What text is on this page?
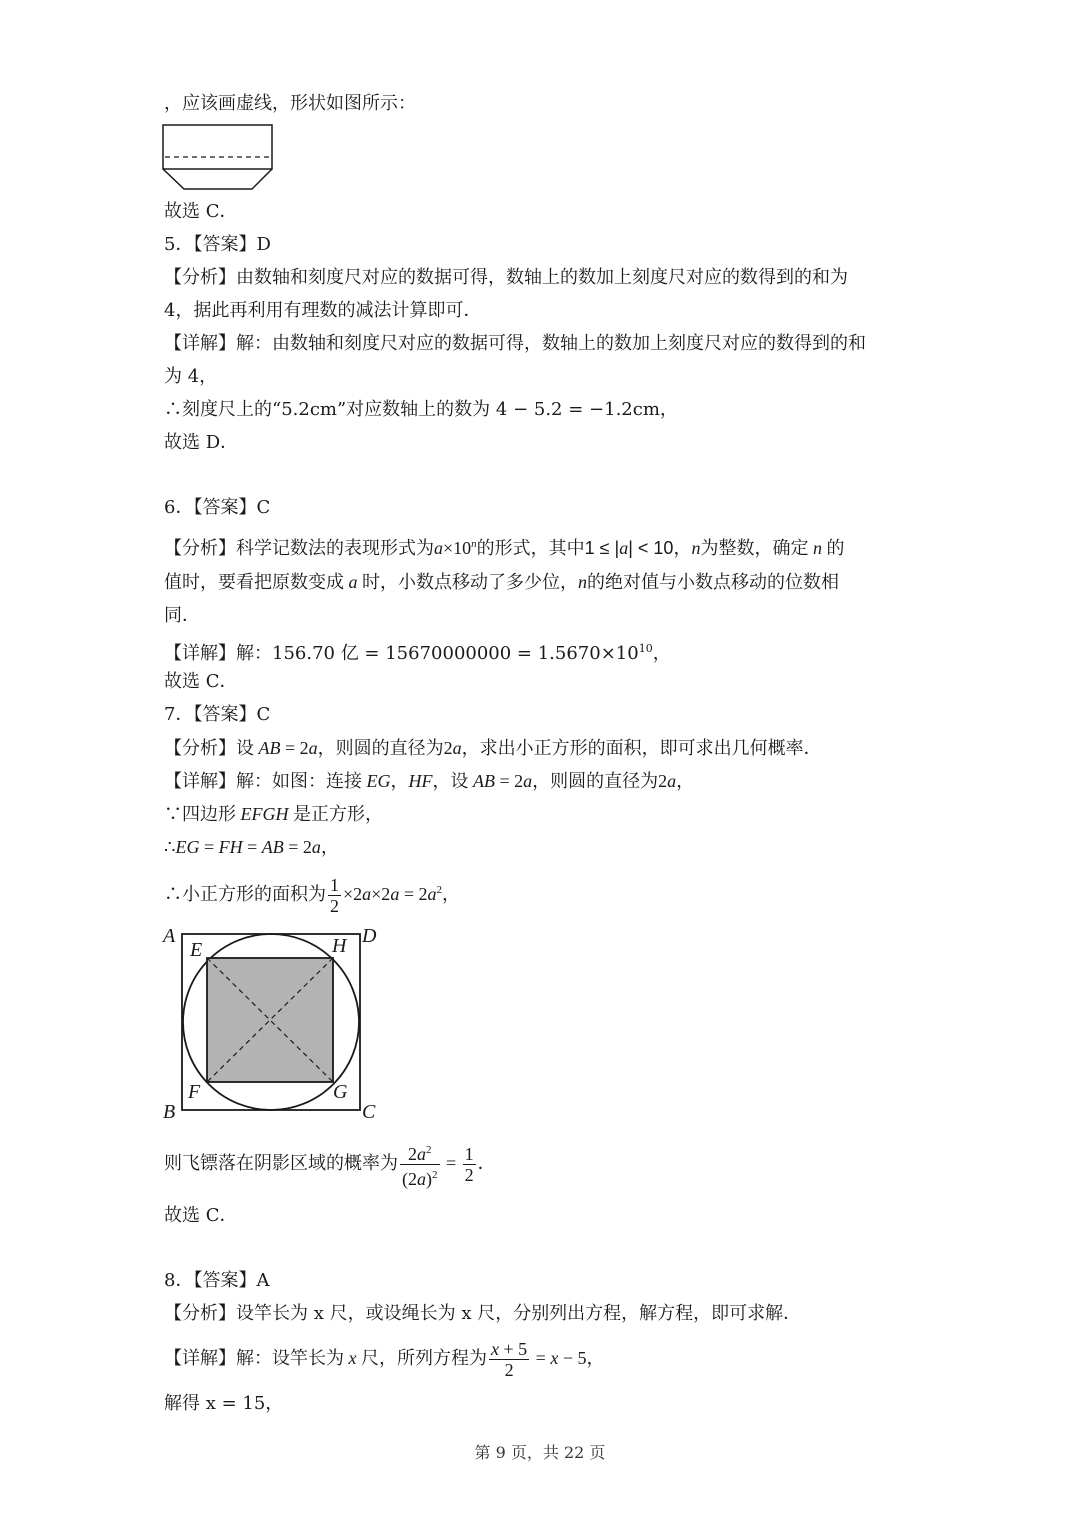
，应该画虚线，形状如图所示：
故选 C．
5．【答案】D
【分析】由数轴和刻度尺对应的数据可得，数轴上的数加上刻度尺对应的数得到的和为
4，据此再利用有理数的减法计算即可．
【详解】解：由数轴和刻度尺对应的数据可得，数轴上的数加上刻度尺对应的数得到的和
为 4，
∴刻度尺上的“5.2cm”对应数轴上的数为 4 − 5.2 = −1.2cm，
故选 D．
6．【答案】C
【分析】科学记数法的表现形式为$a\times 10^n$的形式，其中1 ≤ |a| < 10，n为整数，确定 n 的
值时，要看把原数变成 a 时，小数点移动了多少位，n的绝对值与小数点移动的位数相
同．
【详解】解：156.70 亿 = $15670000000 = 1.5670\times 10^{10}$，
故选 C．
7．【答案】C
【分析】设 AB = 2a，则圆的直径为2a，求出小正方形的面积，即可求出几何概率．
【详解】解：如图：连接 EG，HF，设 AB = 2a，则圆的直径为2a，
∵四边形 EFGH 是正方形，
∴EG = FH = AB = 2a，
∴小正方形的面积为 $\frac{1}{2} \times 2a\times 2a = 2a^2$，
A	D
E	H
F	G
B	C
则飞镖落在阴影区域的概率为 $\frac{2a^2}{(2a)^2} = \frac{1}{2}$ ．
故选 C．
8．【答案】A
【分析】设竿长为 x 尺，或设绳长为 x 尺，分别列出方程，解方程，即可求解．
【详解】解：设竿长为 x 尺，所列方程为 $\frac{x + 5}{2} = x - 5$，
解得 x = 15，
第 9 页，共 22 页
